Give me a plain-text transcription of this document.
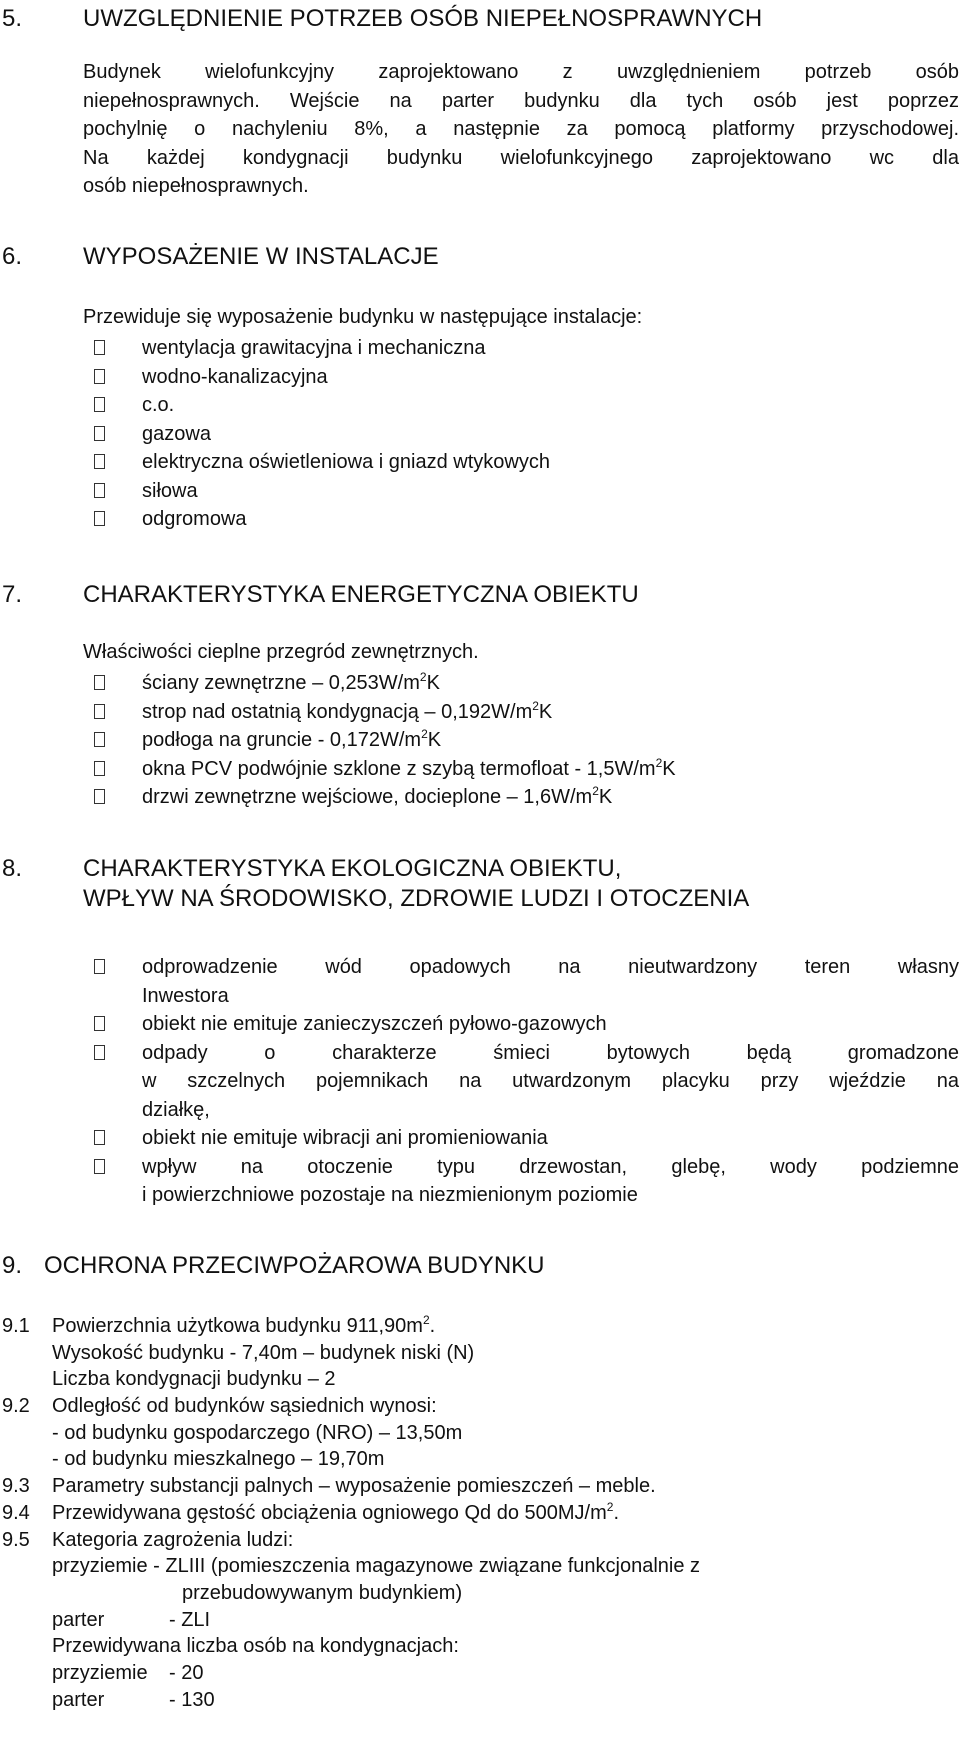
5.	UWZGLĘDNIENIE POTRZEB OSÓB NIEPEŁNOSPRAWNYCH
Budynek wielofunkcyjny zaprojektowano z uwzględnieniem potrzeb osób
niepełnosprawnych. Wejście na parter budynku dla tych osób jest poprzez
pochylnię o nachyleniu 8%, a następnie za pomocą platformy przyschodowej.
Na każdej kondygnacji budynku wielofunkcyjnego zaprojektowano wc dla
osób niepełnosprawnych.
6.	WYPOSAŻENIE W INSTALACJE
Przewiduje się wyposażenie budynku w następujące instalacje:
wentylacja grawitacyjna i mechaniczna
wodno-kanalizacyjna
c.o.
gazowa
elektryczna oświetleniowa i gniazd wtykowych
siłowa
odgromowa
7.	CHARAKTERYSTYKA ENERGETYCZNA OBIEKTU
Właściwości cieplne przegród zewnętrznych.
ściany zewnętrzne – $0,253W/m^2K$
strop nad ostatnią kondygnacją – $0,192W/m^2K$
podłoga na gruncie - $0,172W/m^2K$
okna PCV podwójnie szklone z szybą termofloat - $1,5W/m^2K$
drzwi zewnętrzne wejściowe, docieplone – $1,6W/m^2K$
8.	CHARAKTERYSTYKA EKOLOGICZNA OBIEKTU,
WPŁYW NA ŚRODOWISKO, ZDROWIE LUDZI I OTOCZENIA
odprowadzenie wód opadowych na nieutwardzony teren własny
Inwestora
obiekt nie emituje zanieczyszczeń pyłowo-gazowych
odpady o charakterze śmieci bytowych będą gromadzone
w szczelnych pojemnikach na utwardzonym placyku przy wjeździe na
działkę,
obiekt nie emituje wibracji ani promieniowania
wpływ na otoczenie typu drzewostan, glebę, wody podziemne
i powierzchniowe pozostaje na niezmienionym poziomie
9. OCHRONA PRZECIWPOŻAROWA BUDYNKU
9.1 Powierzchnia użytkowa budynku $911,90m^2$.
Wysokość budynku - 7,40m – budynek niski (N)
Liczba kondygnacji budynku – 2
9.2 Odległość od budynków sąsiednich wynosi:
- od budynku gospodarczego (NRO) – 13,50m
- od budynku mieszkalnego – 19,70m
9.3 Parametry substancji palnych – wyposażenie pomieszczeń – meble.
9.4 Przewidywana gęstość obciążenia ogniowego Qd do $500MJ/m^2$.
9.5 Kategoria zagrożenia ludzi:
przyziemie - ZLIII (pomieszczenia magazynowe związane funkcjonalnie z
przebudowywanym budynkiem)
parter	- ZLI
Przewidywana liczba osób na kondygnacjach:
przyziemie - 20
parter	- 130
